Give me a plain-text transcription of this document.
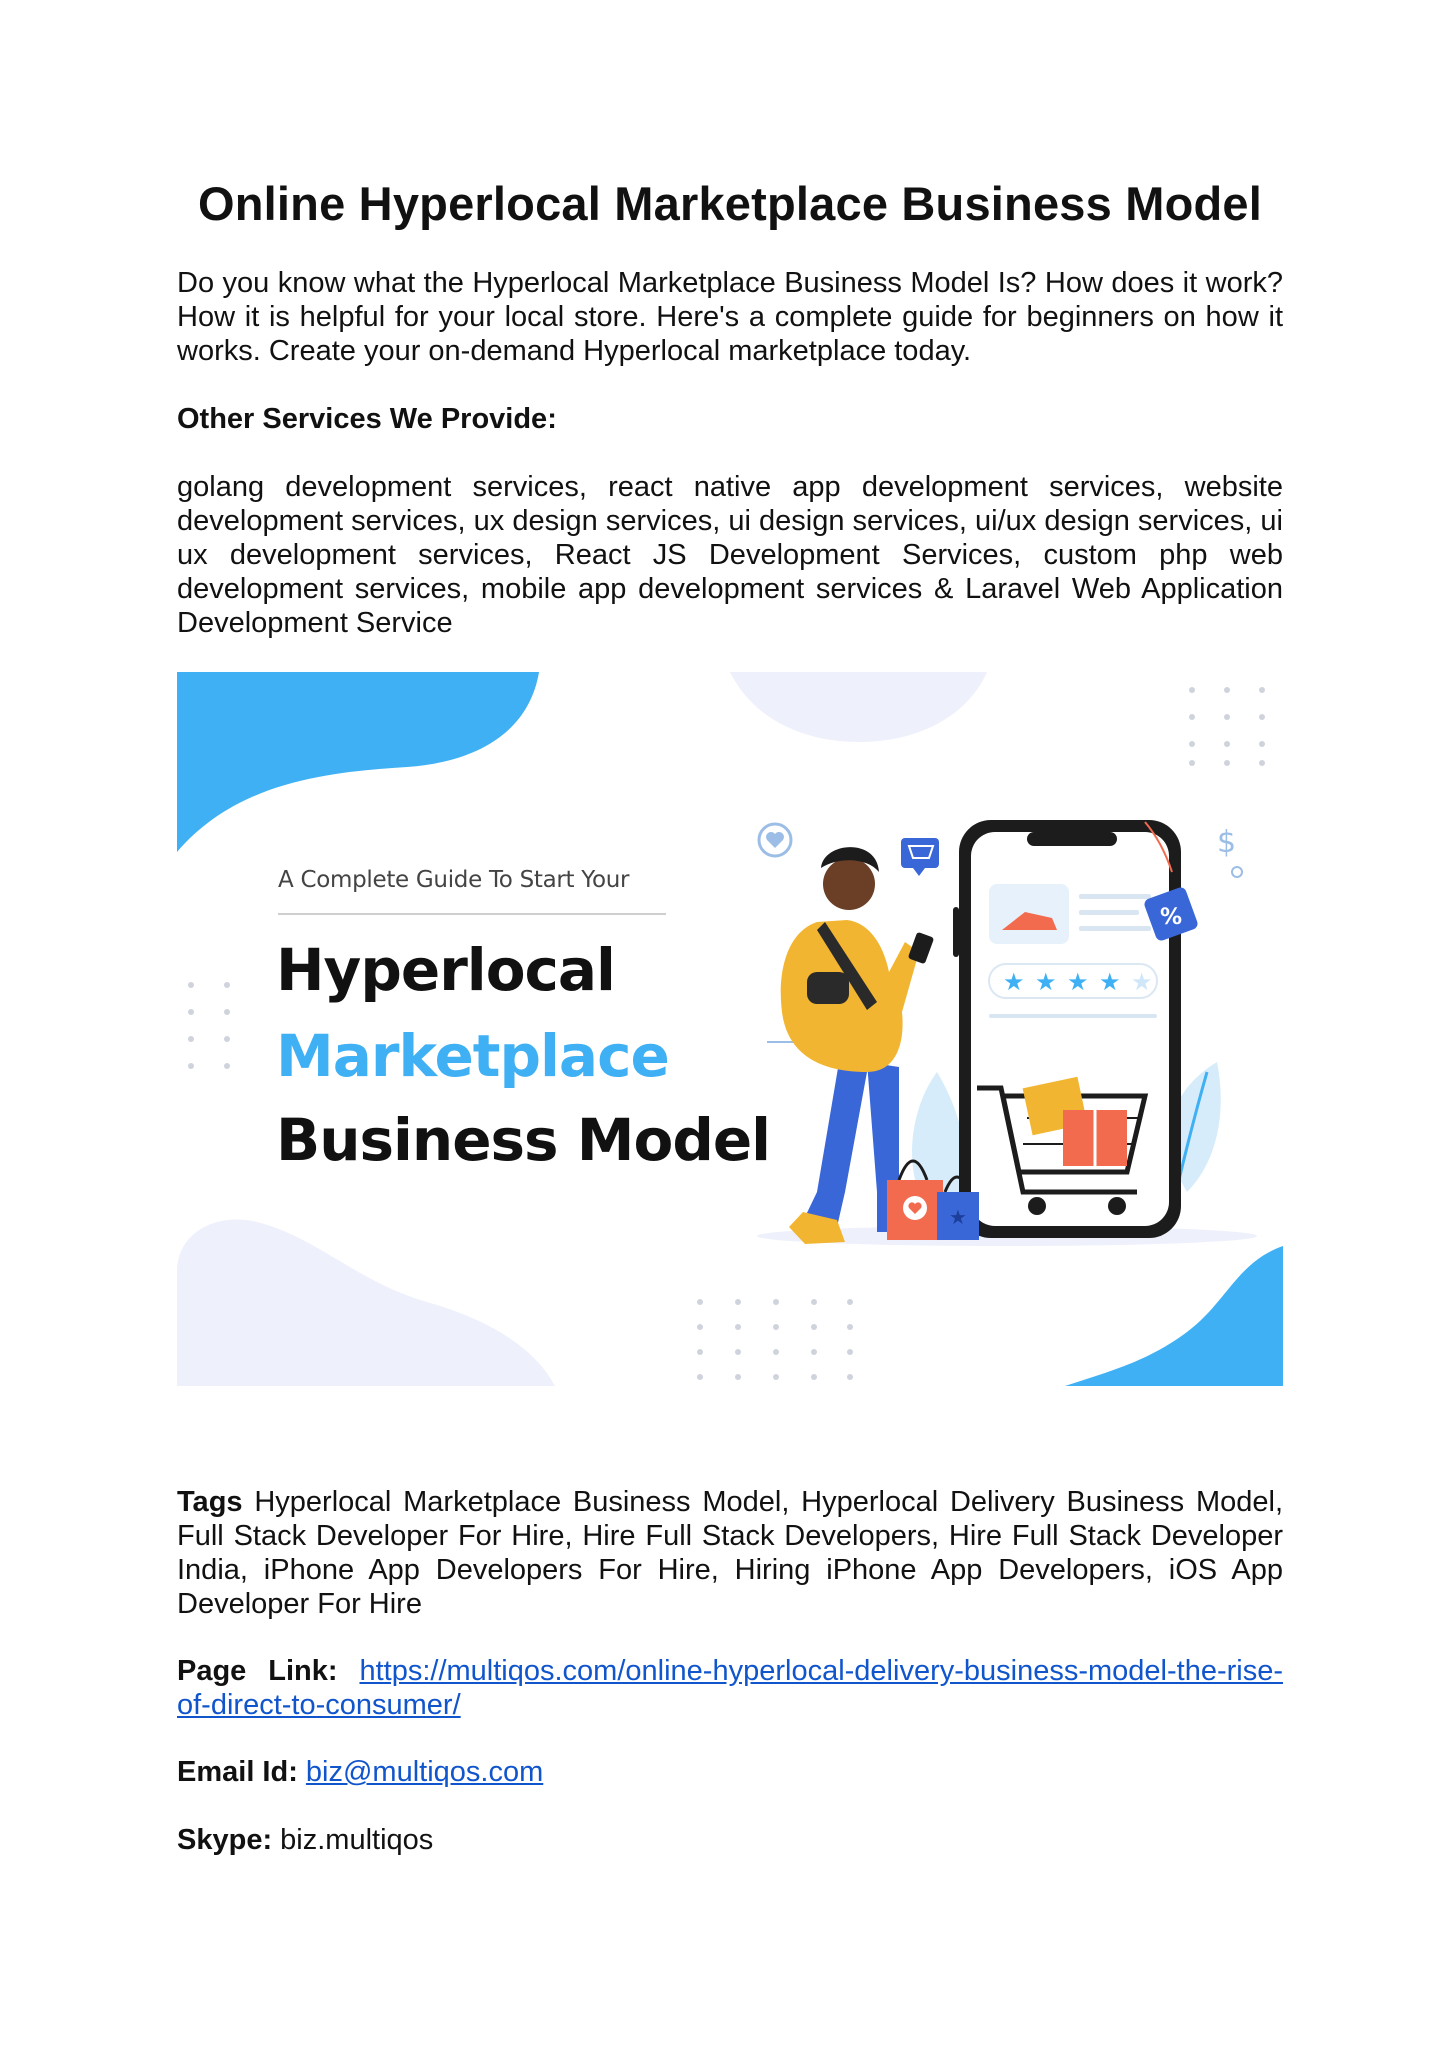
Online Hyperlocal Marketplace Business Model

Do you know what the Hyperlocal Marketplace Business Model Is? How does it work? How it is helpful for your local store. Here's a complete guide for beginners on how it works. Create your on-demand Hyperlocal marketplace today.

Other Services We Provide:

golang development services, react native app development services, website development services, ux design services, ui design services, ui/ux design services, ui ux development services, React JS Development Services, custom php web development services, mobile app development services & Laravel Web Application Development Service

★ ★ ★ ★ ★
%
$
★
A Complete Guide To Start Your
Hyperlocal
Marketplace
Business Model

Tags Hyperlocal Marketplace Business Model, Hyperlocal Delivery Business Model, Full Stack Developer For Hire, Hire Full Stack Developers, Hire Full Stack Developer India, iPhone App Developers For Hire, Hiring iPhone App Developers, iOS App Developer For Hire

Page Link: https://multiqos.com/online-hyperlocal-delivery-business-model-the-rise-of-direct-to-consumer/

Email Id: biz@multiqos.com

Skype: biz.multiqos
